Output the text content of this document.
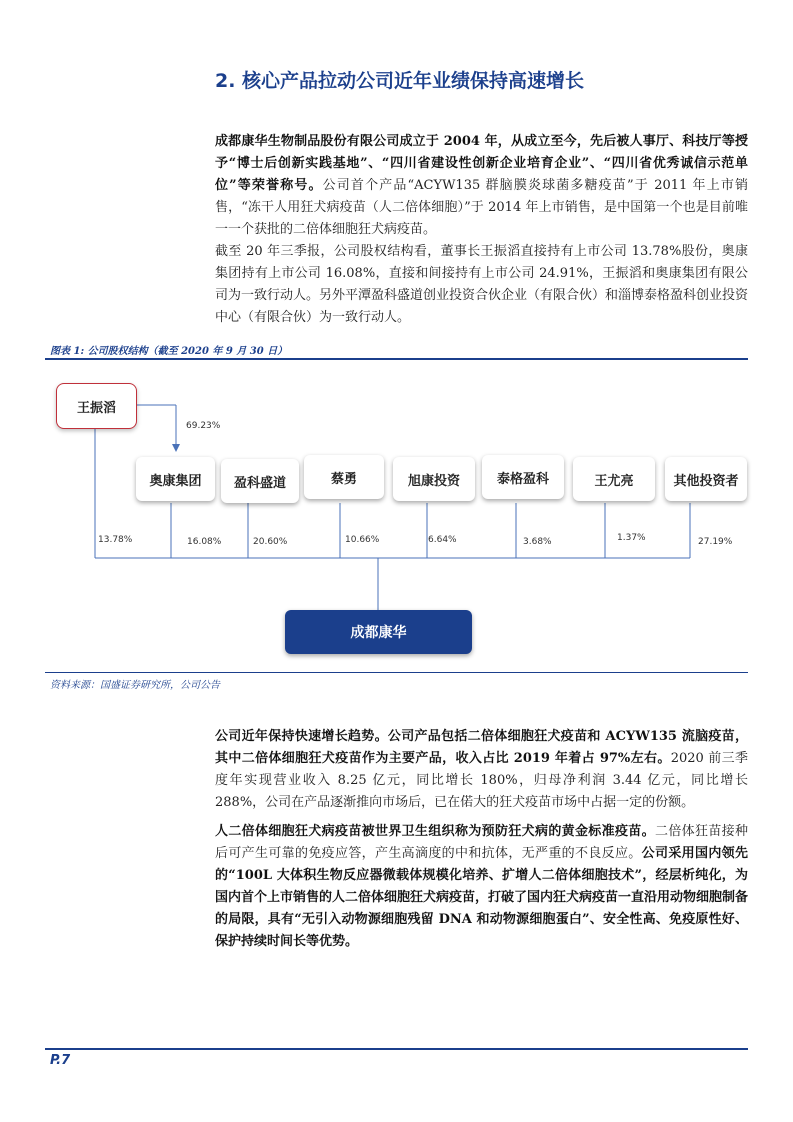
2. 核心产品拉动公司近年业绩保持高速增长
成都康华生物制品股份有限公司成立于 2004 年，从成立至今，先后被人事厅、科技厅等授予“博士后创新实践基地”、“四川省建设性创新企业培育企业”、“四川省优秀诚信示范单位”等荣誉称号。公司首个产品“ACYW135 群脑膜炎球菌多糖疫苗”于 2011 年上市销售，“冻干人用狂犬病疫苗（人二倍体细胞）”于 2014 年上市销售，是中国第一个也是目前唯一一个获批的二倍体细胞狂犬病疫苗。
截至 20 年三季报，公司股权结构看，董事长王振滔直接持有上市公司 13.78%股份，奥康集团持有上市公司 16.08%，直接和间接持有上市公司 24.91%，王振滔和奥康集团有限公司为一致行动人。另外平潭盈科盛道创业投资合伙企业（有限合伙）和淄博泰格盈科创业投资中心（有限合伙）为一致行动人。
图表 1: 公司股权结构（截至 2020 年 9 月 30 日）
王振滔
69.23%
奥康集团	盈科盛道	蔡勇	旭康投资	泰格盈科	王尤亮	其他投资者
13.78%	16.08%	20.60%	10.66%	6.64%	3.68%	1.37%	27.19%
成都康华
资料来源：国盛证券研究所，公司公告
公司近年保持快速增长趋势。公司产品包括二倍体细胞狂犬疫苗和 ACYW135 流脑疫苗，其中二倍体细胞狂犬疫苗作为主要产品，收入占比 2019 年着占 97%左右。2020 前三季度年实现营业收入 8.25 亿元，同比增长 180%，归母净利润 3.44 亿元，同比增长 288%，公司在产品逐渐推向市场后，已在偌大的狂犬疫苗市场中占据一定的份额。
人二倍体细胞狂犬病疫苗被世界卫生组织称为预防狂犬病的黄金标准疫苗。二倍体狂苗接种后可产生可靠的免疫应答，产生高滴度的中和抗体，无严重的不良反应。公司采用国内领先的“100L 大体积生物反应器微载体规模化培养、扩增人二倍体细胞技术”，经层析纯化，为国内首个上市销售的人二倍体细胞狂犬病疫苗，打破了国内狂犬病疫苗一直沿用动物细胞制备的局限，具有“无引入动物源细胞残留 DNA 和动物源细胞蛋白”、安全性高、免疫原性好、保护持续时间长等优势。
P.7
